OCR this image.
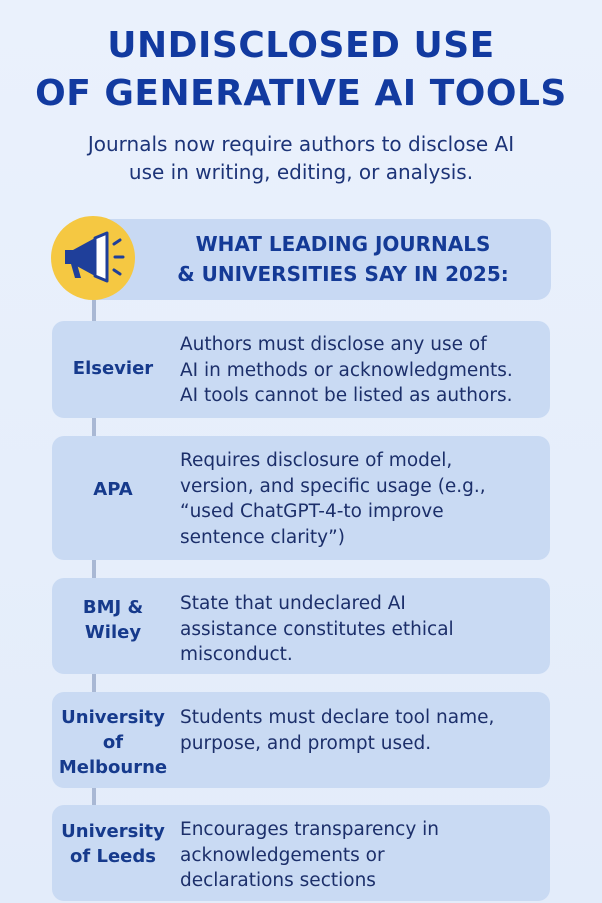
UNDISCLOSED USE
OF GENERATIVE AI TOOLS
Journals now require authors to disclose AI
use in writing, editing, or analysis.
WHAT LEADING JOURNALS
& UNIVERSITIES SAY IN 2025:
Elsevier
Authors must disclose any use of
AI in methods or acknowledgments.
AI tools cannot be listed as authors.
APA
Requires disclosure of model,
version, and specific usage (e.g.,
“used ChatGPT-4-to improve
sentence clarity”)
BMJ &
Wiley
State that undeclared AI
assistance constitutes ethical
misconduct.
University
of
Melbourne
Students must declare tool name,
purpose, and prompt used.
University
of Leeds
Encourages transparency in
acknowledgements or
declarations sections
